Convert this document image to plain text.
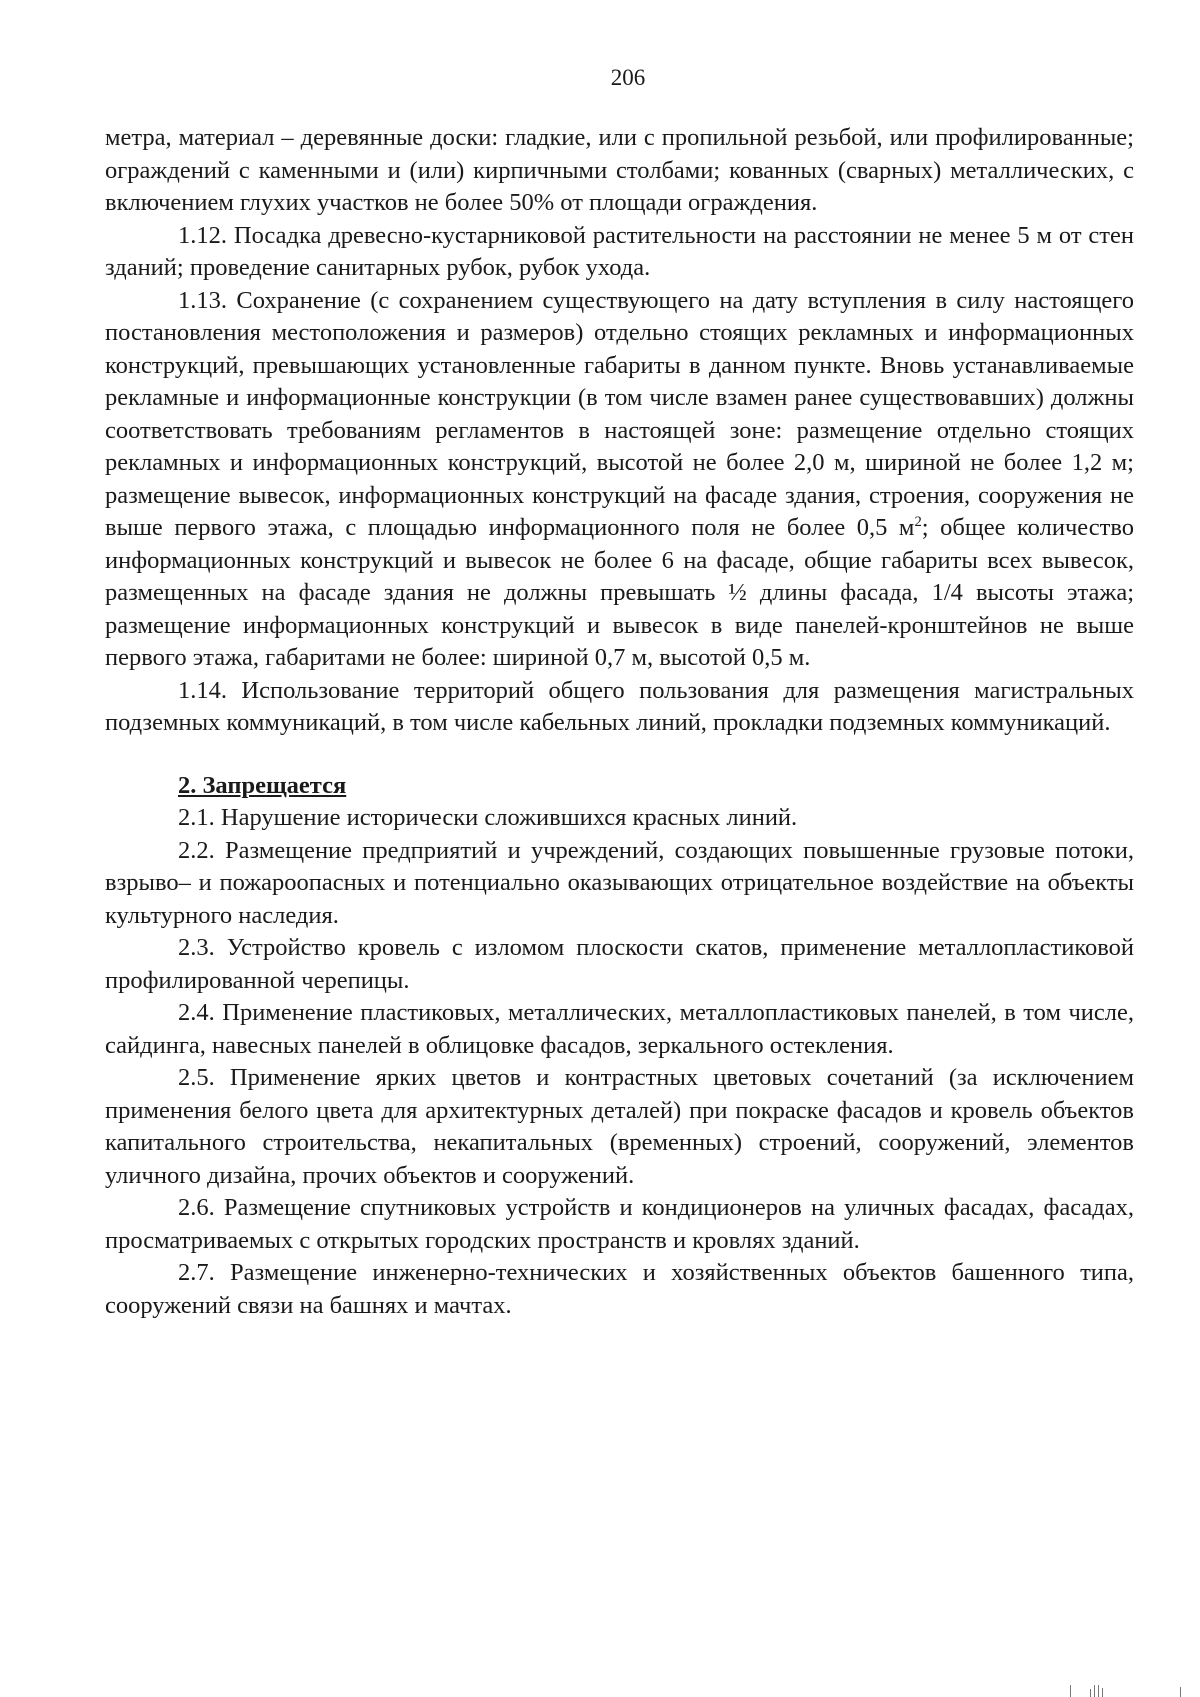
206

метра, материал – деревянные доски: гладкие, или с пропильной резьбой, или профилированные; ограждений с каменными и (или) кирпичными столбами; кованных (сварных) металлических, с включением глухих участков не более 50% от площади ограждения.

1.12. Посадка древесно-кустарниковой растительности на расстоянии не менее 5 м от стен зданий; проведение санитарных рубок, рубок ухода.

1.13. Сохранение (с сохранением существующего на дату вступления в силу настоящего постановления местоположения и размеров) отдельно стоящих рекламных и информационных конструкций, превышающих установленные габариты в данном пункте. Вновь устанавливаемые рекламные и информационные конструкции (в том числе взамен ранее существовавших) должны соответствовать требованиям регламентов в настоящей зоне: размещение отдельно стоящих рекламных и информационных конструкций, высотой не более 2,0 м, шириной не более 1,2 м; размещение вывесок, информационных конструкций на фасаде здания, строения, сооружения не выше первого этажа, с площадью информационного поля не более 0,5 $м^2$; общее количество информационных конструкций и вывесок не более 6 на фасаде, общие габариты всех вывесок, размещенных на фасаде здания не должны превышать ½ длины фасада, 1/4 высоты этажа; размещение информационных конструкций и вывесок в виде панелей-кронштейнов не выше первого этажа, габаритами не более: шириной 0,7 м, высотой 0,5 м.

1.14. Использование территорий общего пользования для размещения магистральных подземных коммуникаций, в том числе кабельных линий, прокладки подземных коммуникаций.

2. Запрещается

2.1. Нарушение исторически сложившихся красных линий.

2.2. Размещение предприятий и учреждений, создающих повышенные грузовые потоки, взрыво– и пожароопасных и потенциально оказывающих отрицательное воздействие на объекты культурного наследия.

2.3. Устройство кровель с изломом плоскости скатов, применение металлопластиковой профилированной черепицы.

2.4. Применение пластиковых, металлических, металлопластиковых панелей, в том числе, сайдинга, навесных панелей в облицовке фасадов, зеркального остекления.

2.5. Применение ярких цветов и контрастных цветовых сочетаний (за исключением применения белого цвета для архитектурных деталей) при покраске фасадов и кровель объектов капитального строительства, некапитальных (временных) строений, сооружений, элементов уличного дизайна, прочих объектов и сооружений.

2.6. Размещение спутниковых устройств и кондиционеров на уличных фасадах, фасадах, просматриваемых с открытых городских пространств и кровлях зданий.

2.7. Размещение инженерно-технических и хозяйственных объектов башенного типа, сооружений связи на башнях и мачтах.
